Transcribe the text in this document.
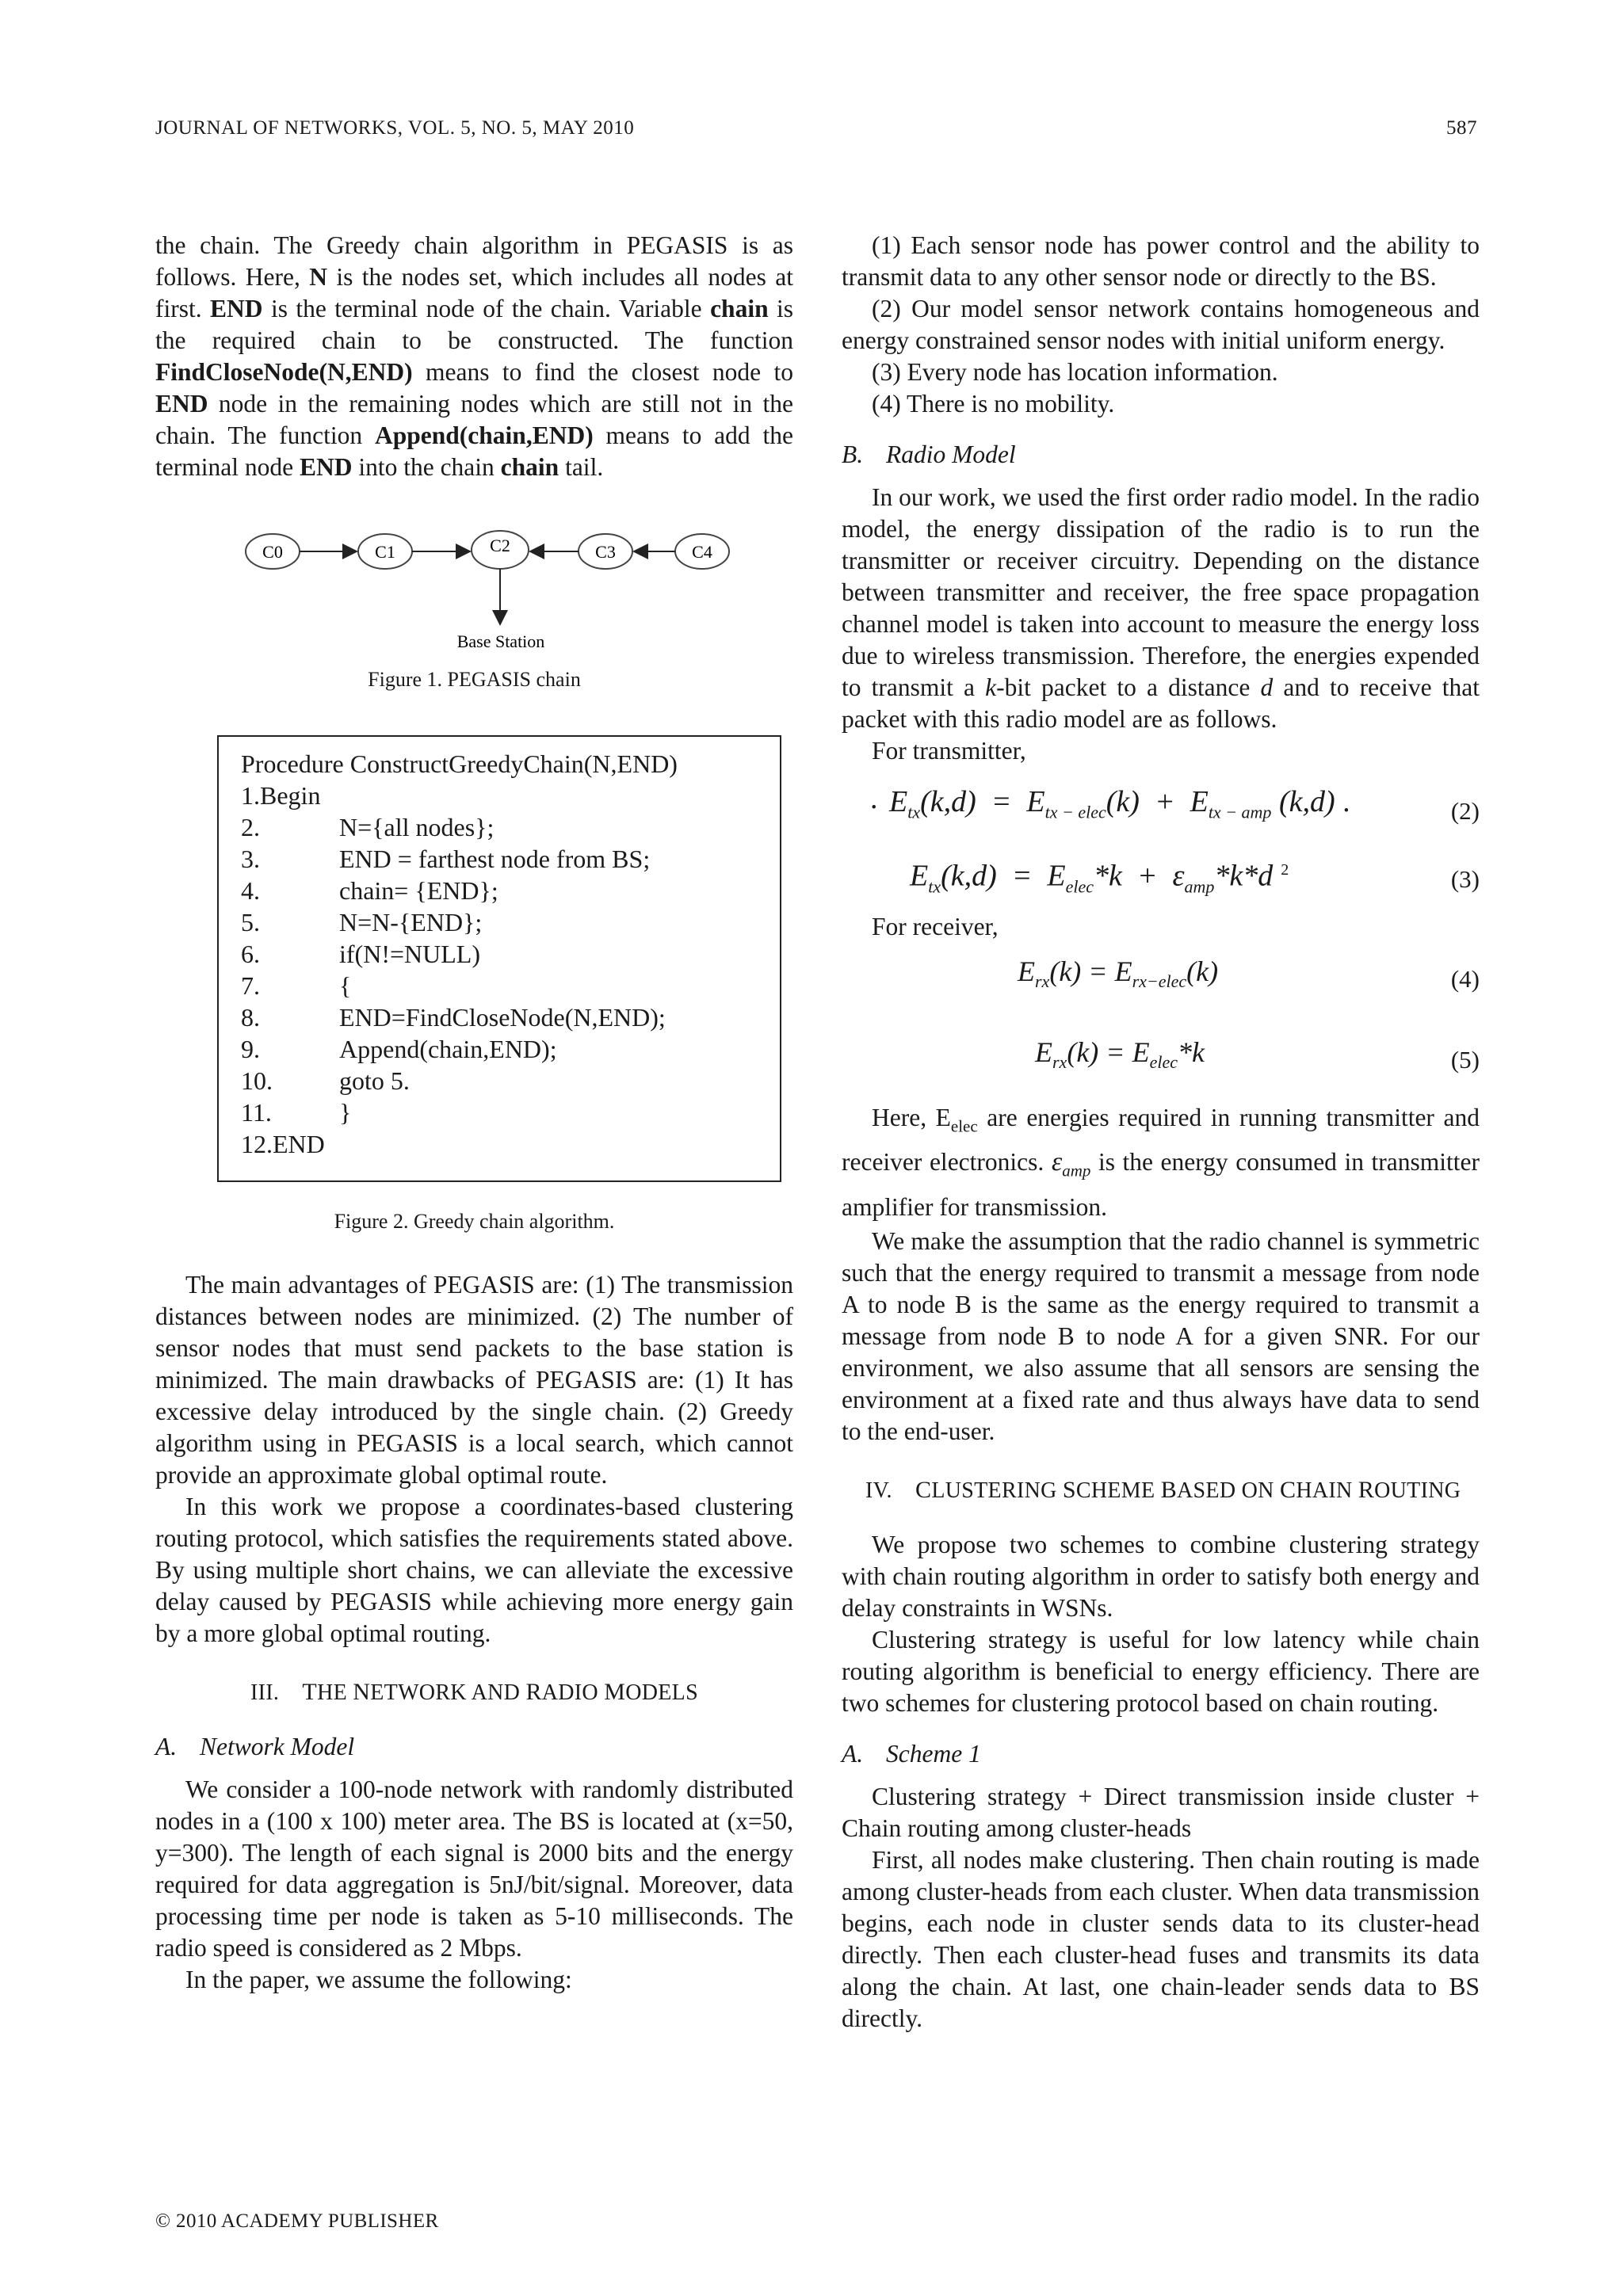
JOURNAL OF NETWORKS, VOL. 5, NO. 5, MAY 2010	587

the chain. The Greedy chain algorithm in PEGASIS is as follows. Here, N is the nodes set, which includes all nodes at first. END is the terminal node of the chain. Variable chain is the required chain to be constructed. The function FindCloseNode(N,END) means to find the closest node to END node in the remaining nodes which are still not in the chain. The function Append(chain,END) means to add the terminal node END into the chain chain tail.

C0	C1	C2	C3	C4
Base Station

Figure 1. PEGASIS chain

Procedure ConstructGreedyChain(N,END)
1.Begin
2.	N={all nodes};
3.	END = farthest node from BS;
4.	chain= {END};
5.	N=N-{END};
6.	if(N!=NULL)
7.	{
8.	END=FindCloseNode(N,END);
9.	Append(chain,END);
10.	goto 5.
11.	}
12.END

Figure 2. Greedy chain algorithm.

The main advantages of PEGASIS are: (1) The transmission distances between nodes are minimized. (2) The number of sensor nodes that must send packets to the base station is minimized. The main drawbacks of PEGASIS are: (1) It has excessive delay introduced by the single chain. (2) Greedy algorithm using in PEGASIS is a local search, which cannot provide an approximate global optimal route.

In this work we propose a coordinates-based clustering routing protocol, which satisfies the requirements stated above. By using multiple short chains, we can alleviate the excessive delay caused by PEGASIS while achieving more energy gain by a more global optimal routing.

III. THE NETWORK AND RADIO MODELS
A. Network Model

We consider a 100-node network with randomly distributed nodes in a (100 x 100) meter area. The BS is located at (x=50, y=300). The length of each signal is 2000 bits and the energy required for data aggregation is 5nJ/bit/signal. Moreover, data processing time per node is taken as 5-10 milliseconds. The radio speed is considered as 2 Mbps.

In the paper, we assume the following:

(1) Each sensor node has power control and the ability to transmit data to any other sensor node or directly to the BS.

(2) Our model sensor network contains homogeneous and energy constrained sensor nodes with initial uniform energy.

(3) Every node has location information.

(4) There is no mobility.

B. Radio Model

In our work, we used the first order radio model. In the radio model, the energy dissipation of the radio is to run the transmitter or receiver circuitry. Depending on the distance between transmitter and receiver, the free space propagation channel model is taken into account to measure the energy loss due to wireless transmission. Therefore, the energies expended to transmit a k-bit packet to a distance d and to receive that packet with this radio model are as follows.

For transmitter,

. $E_{tx}(k,d) = E_{tx - elec}(k) + E_{tx - amp}$ (k,d) .	(2)
$E_{tx}(k,d) = E_{elec}*k + \varepsilon_{amp}*k*d$  $^2$	(3)

For receiver,

$E_{rx}(k) = E_{rx-elec}(k)$	(4)
$E_{rx}(k) = E_{elec}*k$	(5)

Here, $E_{elec}$ are energies required in running transmitter and receiver electronics. $\varepsilon_{amp}$ is the energy consumed in transmitter amplifier for transmission.

We make the assumption that the radio channel is symmetric such that the energy required to transmit a message from node A to node B is the same as the energy required to transmit a message from node B to node A for a given SNR. For our environment, we also assume that all sensors are sensing the environment at a fixed rate and thus always have data to send to the end-user.

IV. CLUSTERING SCHEME BASED ON CHAIN ROUTING

We propose two schemes to combine clustering strategy with chain routing algorithm in order to satisfy both energy and delay constraints in WSNs.

Clustering strategy is useful for low latency while chain routing algorithm is beneficial to energy efficiency. There are two schemes for clustering protocol based on chain routing.

A. Scheme 1

Clustering strategy + Direct transmission inside cluster + Chain routing among cluster-heads

First, all nodes make clustering. Then chain routing is made among cluster-heads from each cluster. When data transmission begins, each node in cluster sends data to its cluster-head directly. Then each cluster-head fuses and transmits its data along the chain. At last, one chain-leader sends data to BS directly.

© 2010 ACADEMY PUBLISHER
